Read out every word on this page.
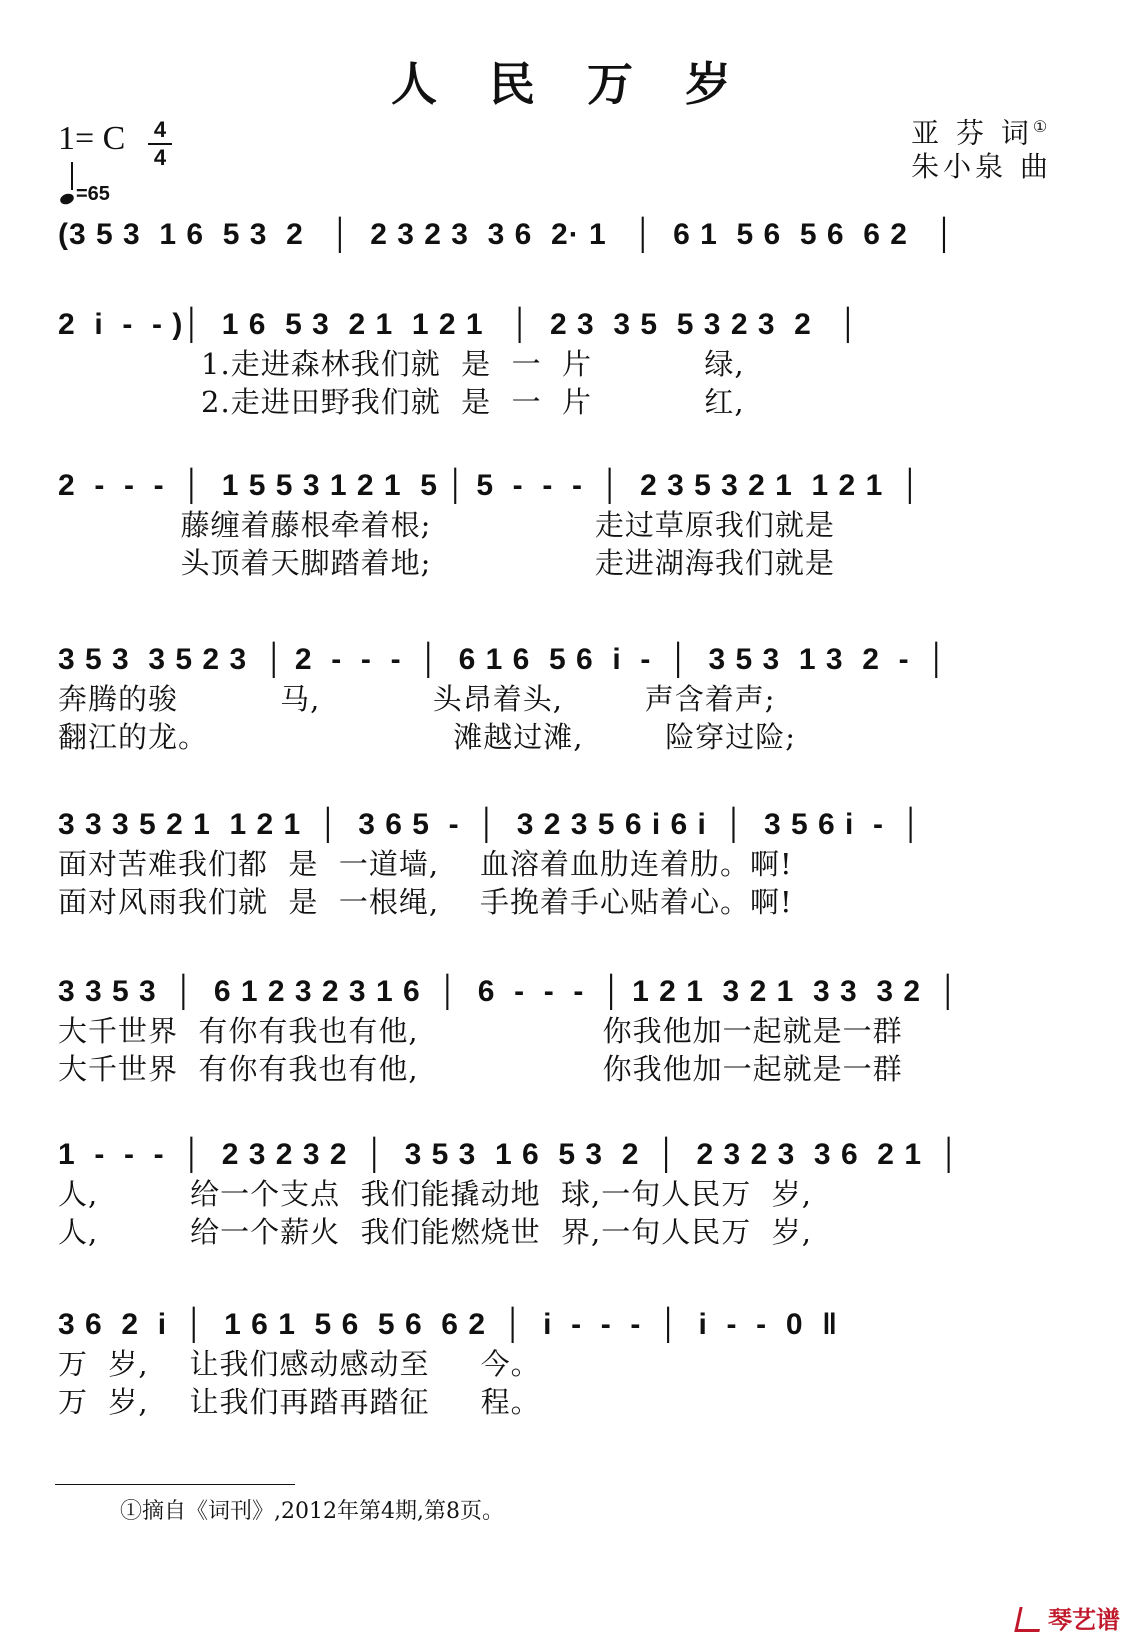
人 民 万 岁
1= C 4
4
=65
亚 芬 词①
朱小泉 曲
(3 5 3  1 6  5 3  2   │  2 3 2 3  3 6  2· 1   │  6 1  5 6  5 6  6 2   │
2  i  -  - )│  1 6  5 3  2 1  1 2 1   │  2 3  3 5  5 3 2 3  2   │
1.走进森林我们就  是  一  片           绿,
2.走进田野我们就  是  一  片           红,
2  -  -  -  │  1 5 5 3 1 2 1  5 │ 5  -  -  -  │  2 3 5 3 2 1  1 2 1  │
藤缠着藤根牵着根;                走过草原我们就是
头顶着天脚踏着地;                走进湖海我们就是
3 5 3  3 5 2 3  │ 2  -  -  -  │  6 1 6  5 6  i  -  │  3 5 3  1 3  2  -  │
奔腾的骏          马,           头昂着头,        声含着声;
翻江的龙。                        滩越过滩,        险穿过险;
3 3 3 5 2 1  1 2 1  │  3 6 5  -  │  3 2 3 5 6 i 6 i  │  3 5 6 i  -  │
面对苦难我们都  是  一道墙,    血溶着血肋连着肋。啊!
面对风雨我们就  是  一根绳,    手挽着手心贴着心。啊!
3 3 5 3  │  6 1 2 3 2 3 1 6  │  6  -  -  -  │ 1 2 1  3 2 1  3 3  3 2  │
大千世界  有你有我也有他,                  你我他加一起就是一群
大千世界  有你有我也有他,                  你我他加一起就是一群
1  -  -  -  │  2 3 2 3 2  │  3 5 3  1 6  5 3  2  │  2 3 2 3  3 6  2 1  │
人,         给一个支点  我们能撬动地  球,一句人民万  岁,
人,         给一个薪火  我们能燃烧世  界,一句人民万  岁,
3 6  2  i  │  1 6 1  5 6  5 6  6 2  │  i  -  -  -  │  i  -  -  0  ‖
万  岁,    让我们感动感动至     今。
万  岁,    让我们再踏再踏征     程。
①摘自《词刊》,2012年第4期,第8页。
琴艺谱
